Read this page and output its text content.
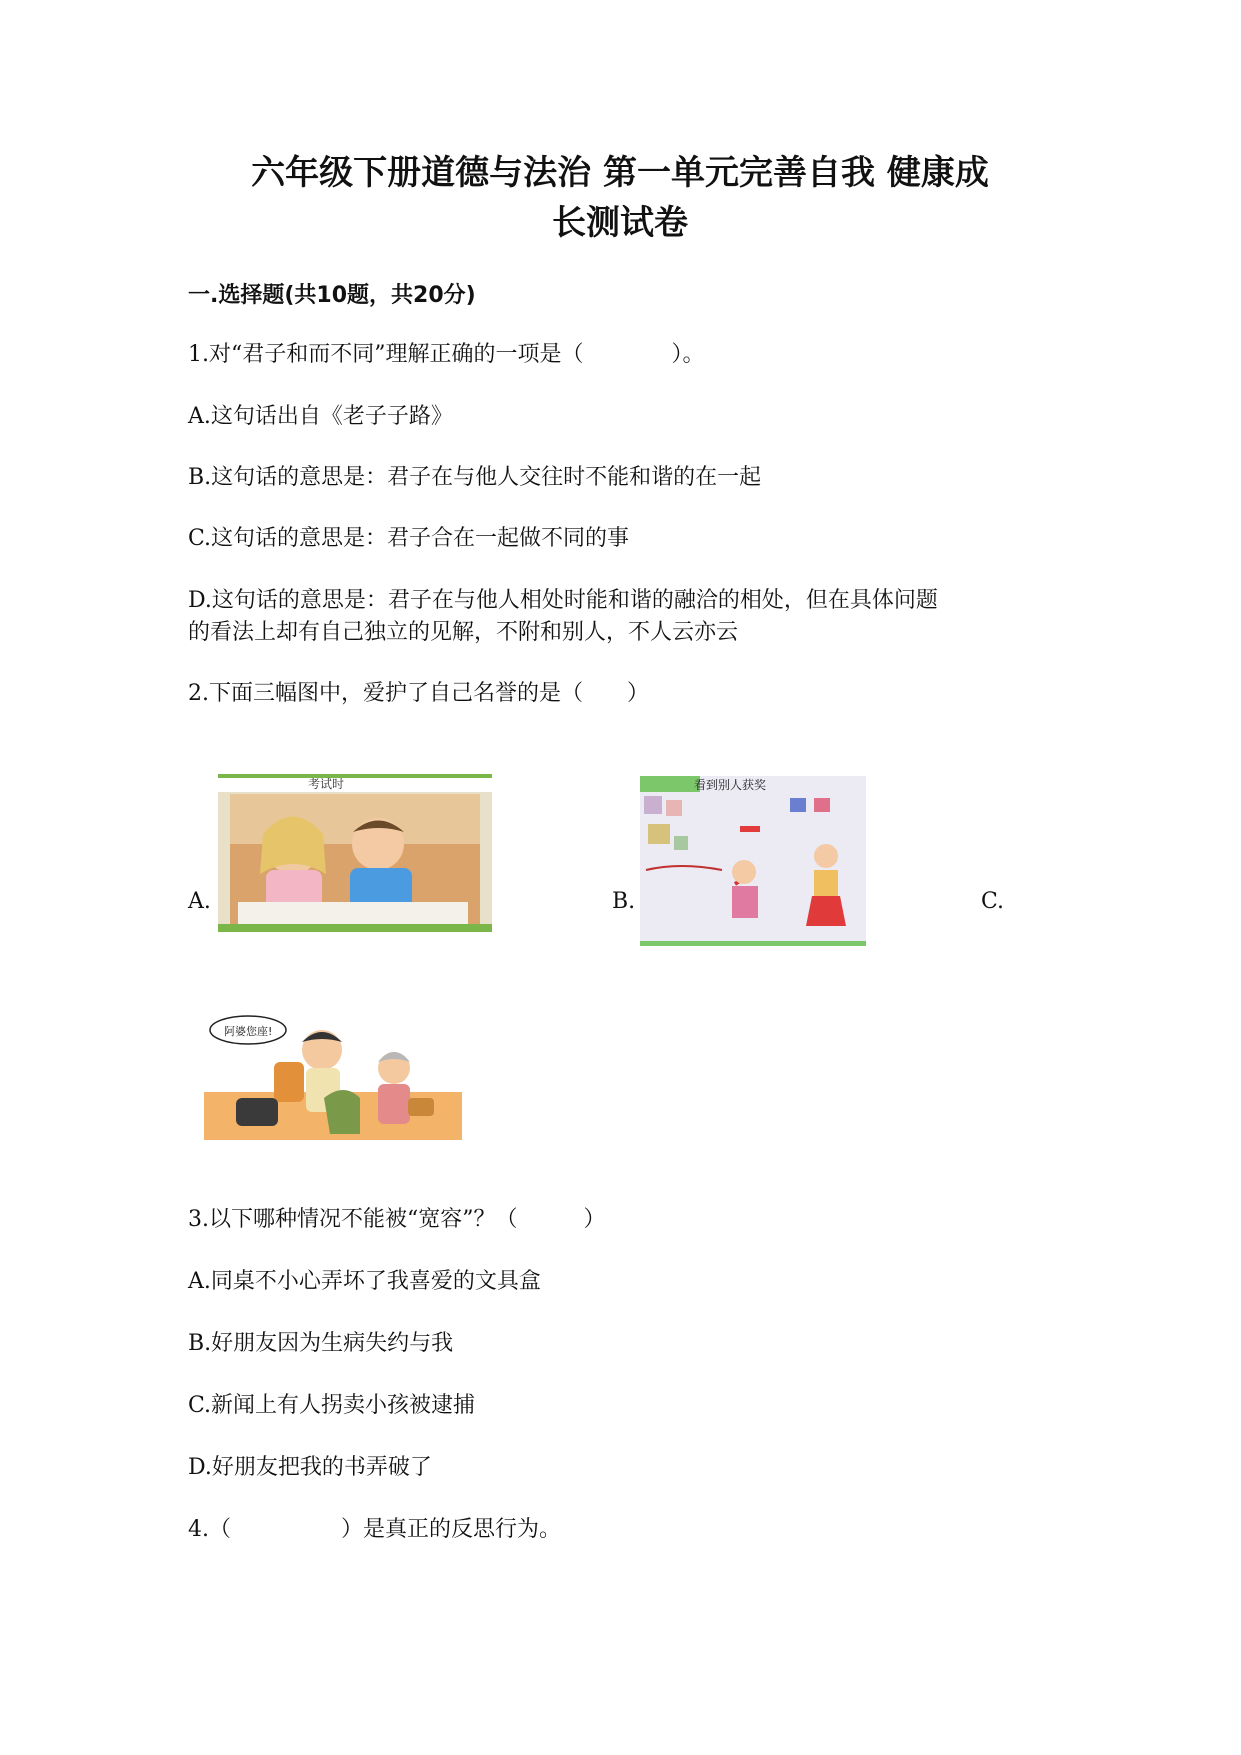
六年级下册道德与法治 第一单元完善自我 健康成
长测试卷
一.选择题(共10题，共20分)
1.对“君子和而不同”理解正确的一项是（　　　　）。
A.这句话出自《老子子路》
B.这句话的意思是：君子在与他人交往时不能和谐的在一起
C.这句话的意思是：君子合在一起做不同的事
D.这句话的意思是：君子在与他人相处时能和谐的融洽的相处，但在具体问题
的看法上却有自己独立的见解，不附和别人，不人云亦云
2.下面三幅图中，爱护了自己名誉的是（　　）
A.
考试时
B.
看到别人获奖
C.
阿婆您座!
3.以下哪种情况不能被“宽容”？（　　　）
A.同桌不小心弄坏了我喜爱的文具盒
B.好朋友因为生病失约与我
C.新闻上有人拐卖小孩被逮捕
D.好朋友把我的书弄破了
4.（　　　　　）是真正的反思行为。
